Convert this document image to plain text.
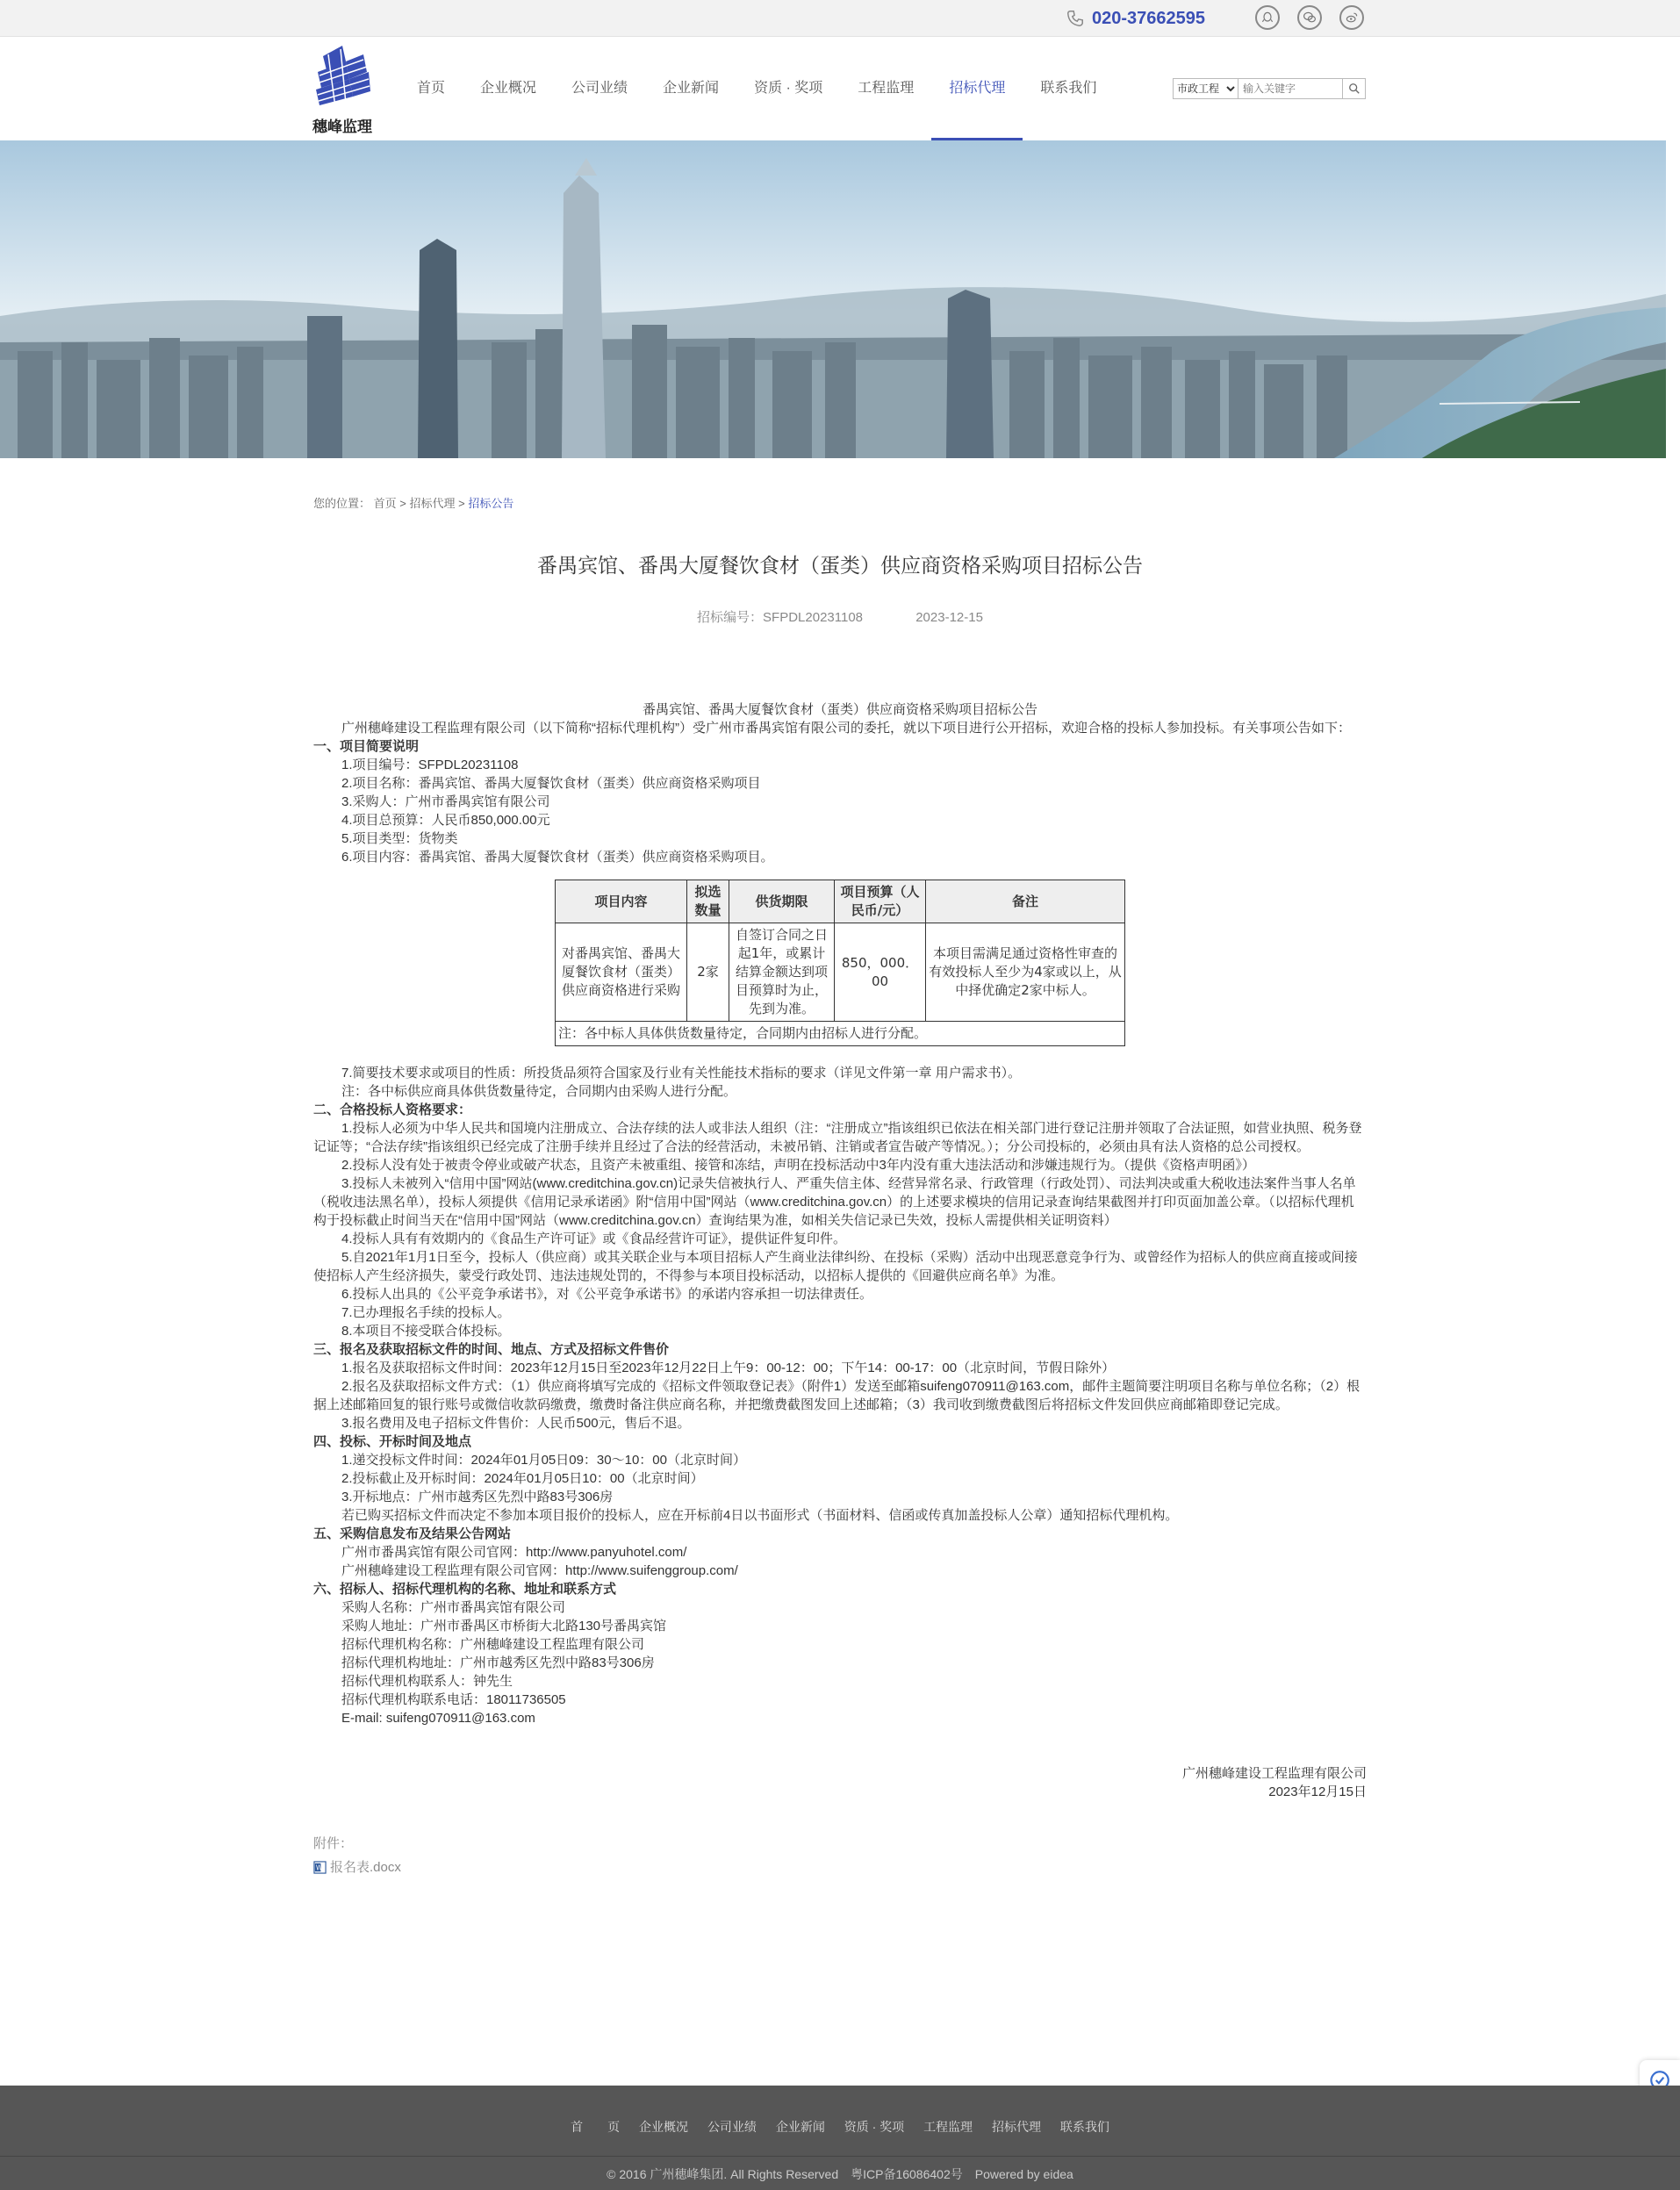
020-37662595
穗峰监理
首页	企业概况	公司业绩	企业新闻	资质 · 奖项	工程监理	招标代理	联系我们
市政工程
输入关键字
您的位置： 首页 > 招标代理 > 招标公告
番禺宾馆、番禺大厦餐饮食材（蛋类）供应商资格采购项目招标公告
招标编号：SFPDL20231108	2023-12-15

番禺宾馆、番禺大厦餐饮食材（蛋类）供应商资格采购项目招标公告

广州穗峰建设工程监理有限公司（以下简称“招标代理机构”）受广州市番禺宾馆有限公司的委托，就以下项目进行公开招标，欢迎合格的投标人参加投标。有关事项公告如下：

一、项目简要说明

1.项目编号：SFPDL20231108

2.项目名称：番禺宾馆、番禺大厦餐饮食材（蛋类）供应商资格采购项目

3.采购人：广州市番禺宾馆有限公司

4.项目总预算：人民币850,000.00元

5.项目类型：货物类

6.项目内容：番禺宾馆、番禺大厦餐饮食材（蛋类）供应商资格采购项目。

项目内容	拟选数量	供货期限	项目预算（人民币/元）	备注
对番禺宾馆、番禺大厦餐饮食材（蛋类）供应商资格进行采购	2家	自签订合同之日起1年，或累计结算金额达到项目预算时为止，先到为准。	850，000．00	本项目需满足通过资格性审查的有效投标人至少为4家或以上，从中择优确定2家中标人。
注：各中标人具体供货数量待定，合同期内由招标人进行分配。				

7.简要技术要求或项目的性质：所投货品须符合国家及行业有关性能技术指标的要求（详见文件第一章 用户需求书）。

注：各中标供应商具体供货数量待定，合同期内由采购人进行分配。

二、合格投标人资格要求：

1.投标人必须为中华人民共和国境内注册成立、合法存续的法人或非法人组织（注：“注册成立”指该组织已依法在相关部门进行登记注册并领取了合法证照，如营业执照、税务登记证等；“合法存续”指该组织已经完成了注册手续并且经过了合法的经营活动，未被吊销、注销或者宣告破产等情况。）；分公司投标的，必须由具有法人资格的总公司授权。

2.投标人没有处于被责令停业或破产状态，且资产未被重组、接管和冻结，声明在投标活动中3年内没有重大违法活动和涉嫌违规行为。（提供《资格声明函》）

3.投标人未被列入“信用中国”网站(www.creditchina.gov.cn)记录失信被执行人、严重失信主体、经营异常名录、行政管理（行政处罚）、司法判决或重大税收违法案件当事人名单（税收违法黑名单），投标人须提供《信用记录承诺函》附“信用中国”网站（www.creditchina.gov.cn）的上述要求模块的信用记录查询结果截图并打印页面加盖公章。（以招标代理机构于投标截止时间当天在“信用中国”网站（www.creditchina.gov.cn）查询结果为准，如相关失信记录已失效，投标人需提供相关证明资料）

4.投标人具有有效期内的《食品生产许可证》或《食品经营许可证》，提供证件复印件。

5.自2021年1月1日至今，投标人（供应商）或其关联企业与本项目招标人产生商业法律纠纷、在投标（采购）活动中出现恶意竞争行为、或曾经作为招标人的供应商直接或间接使招标人产生经济损失，蒙受行政处罚、违法违规处罚的，不得参与本项目投标活动，以招标人提供的《回避供应商名单》为准。

6.投标人出具的《公平竞争承诺书》，对《公平竞争承诺书》的承诺内容承担一切法律责任。

7.已办理报名手续的投标人。

8.本项目不接受联合体投标。

三、报名及获取招标文件的时间、地点、方式及招标文件售价

1.报名及获取招标文件时间：2023年12月15日至2023年12月22日上午9：00-12：00；下午14：00-17：00（北京时间，节假日除外）

2.报名及获取招标文件方式：（1）供应商将填写完成的《招标文件领取登记表》（附件1）发送至邮箱suifeng070911@163.com，邮件主题简要注明项目名称与单位名称；（2）根据上述邮箱回复的银行账号或微信收款码缴费，缴费时备注供应商名称，并把缴费截图发回上述邮箱；（3）我司收到缴费截图后将招标文件发回供应商邮箱即登记完成。

3.报名费用及电子招标文件售价：人民币500元，售后不退。

四、投标、开标时间及地点

1.递交投标文件时间：2024年01月05日09：30～10：00（北京时间）

2.投标截止及开标时间：2024年01月05日10：00（北京时间）

3.开标地点：广州市越秀区先烈中路83号306房

若已购买招标文件而决定不参加本项目报价的投标人，应在开标前4日以书面形式（书面材料、信函或传真加盖投标人公章）通知招标代理机构。

五、采购信息发布及结果公告网站

广州市番禺宾馆有限公司官网：http://www.panyuhotel.com/

广州穗峰建设工程监理有限公司官网：http://www.suifenggroup.com/

六、招标人、招标代理机构的名称、地址和联系方式

采购人名称：广州市番禺宾馆有限公司

采购人地址：广州市番禺区市桥街大北路130号番禺宾馆

招标代理机构名称：广州穗峰建设工程监理有限公司

招标代理机构地址：广州市越秀区先烈中路83号306房

招标代理机构联系人：钟先生

招标代理机构联系电话：18011736505

E-mail: suifeng070911@163.com

广州穗峰建设工程监理有限公司

2023年12月15日

附件：

W 报名表.docx
首　　页 企业概况 公司业绩 企业新闻 资质 · 奖项 工程监理 招标代理 联系我们
© 2016 广州穗峰集团. All Rights Reserved　粤ICP备16086402号　Powered by eidea
